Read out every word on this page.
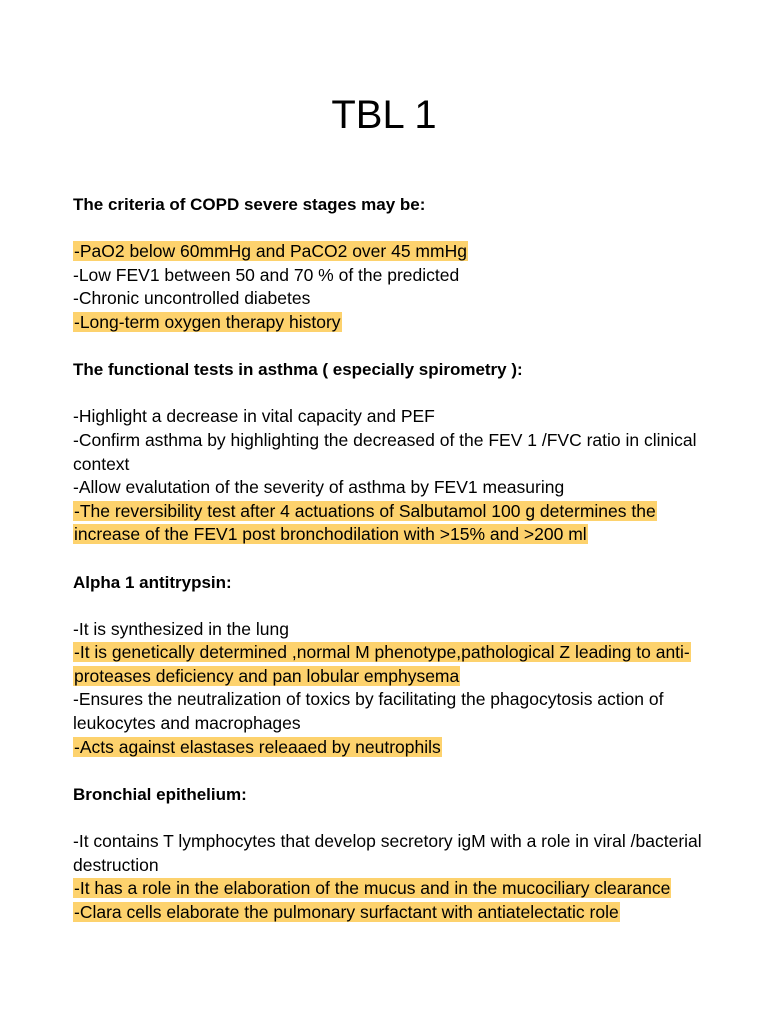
TBL 1

The criteria of COPD severe stages may be:

-PaO2 below 60mmHg and PaCO2 over 45 mmHg

-Low FEV1 between 50 and 70 % of the predicted

-Chronic uncontrolled diabetes

-Long-term oxygen therapy history

The functional tests in asthma ( especially spirometry ):

-Highlight a decrease in vital capacity and PEF

-Confirm asthma by highlighting the decreased of the FEV 1 /FVC ratio in clinical context

-Allow evalutation of the severity of asthma by FEV1 measuring

-The reversibility test after 4 actuations of Salbutamol 100 g determines the increase of the FEV1 post bronchodilation with >15% and >200 ml

Alpha 1 antitrypsin:

-It is synthesized in the lung

-It is genetically determined ,normal M phenotype,pathological Z leading to anti-proteases deficiency and pan lobular emphysema

-Ensures the neutralization of toxics by facilitating the phagocytosis action of leukocytes and macrophages

-Acts against elastases releaaed by neutrophils

Bronchial epithelium:

-It contains T lymphocytes that develop secretory igM with a role in viral /bacterial destruction

-It has a role in the elaboration of the mucus and in the mucociliary clearance

-Clara cells elaborate the pulmonary surfactant with antiatelectatic role
